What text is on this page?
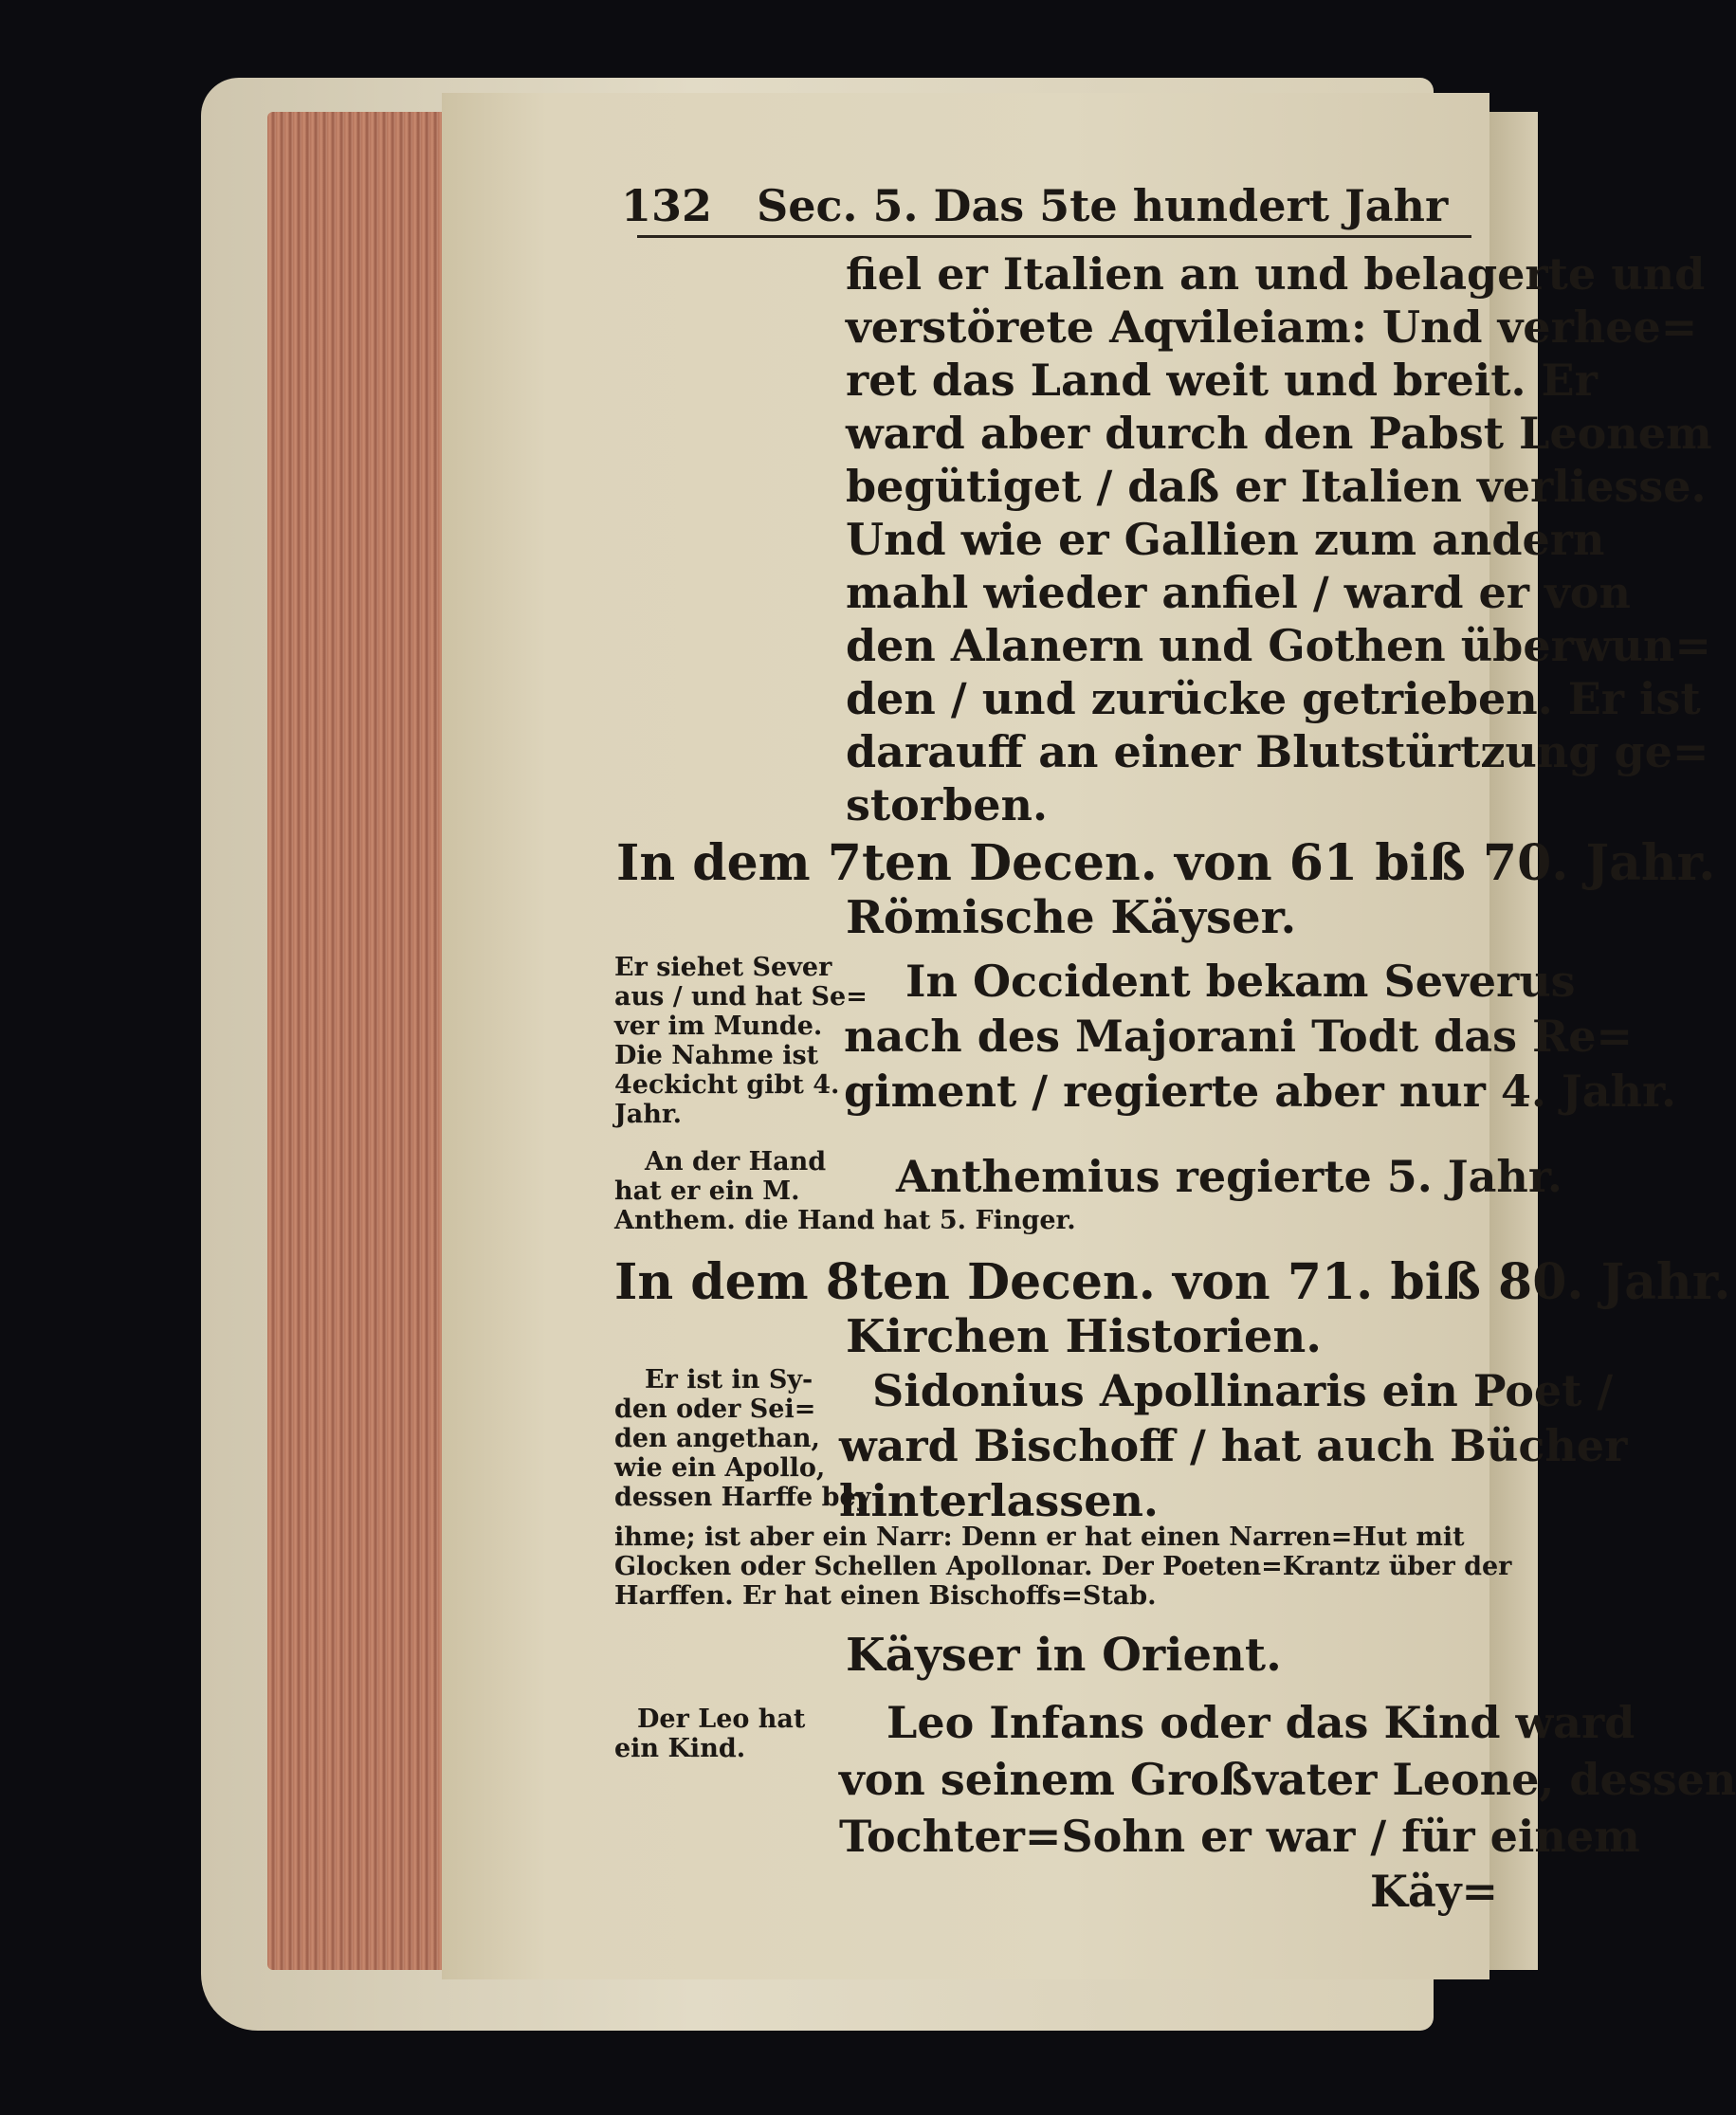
132 Sec. 5. Das 5te hundert Jahr
fiel er Italien an und belagerte und
verstörete Aqvileiam: Und verhee=
ret das Land weit und breit. Er
ward aber durch den Pabst Leonem
begütiget / daß er Italien verliesse.
Und wie er Gallien zum andern
mahl wieder anfiel / ward er von
den Alanern und Gothen überwun=
den / und zurücke getrieben. Er ist
darauff an einer Blutstürtzung ge=
storben.
In dem 7ten Decen. von 61 biß 70. Jahr.
Römische Käyser.
Er siehet Sever
aus / und hat Se=
ver im Munde.
Die Nahme ist
4eckicht gibt 4.
Jahr.
In Occident bekam Severus
nach des Majorani Todt das Re=
giment / regierte aber nur 4. Jahr.
An der Hand
hat er ein M.
Anthem. die Hand hat 5. Finger.
Anthemius regierte 5. Jahr.
In dem 8ten Decen. von 71. biß 80. Jahr.
Kirchen Historien.
Er ist in Sy-
den oder Sei=
den angethan,
wie ein Apollo,
dessen Harffe bey
Sidonius Apollinaris ein Poet /
ward Bischoff / hat auch Bücher
hinterlassen.
ihme; ist aber ein Narr: Denn er hat einen Narren=Hut mit
Glocken oder Schellen Apollonar. Der Poeten=Krantz über der
Harffen. Er hat einen Bischoffs=Stab.
Käyser in Orient.
Der Leo hat
ein Kind.
Leo Infans oder das Kind ward
von seinem Großvater Leone, dessen
Tochter=Sohn er war / für einem
Käy=
